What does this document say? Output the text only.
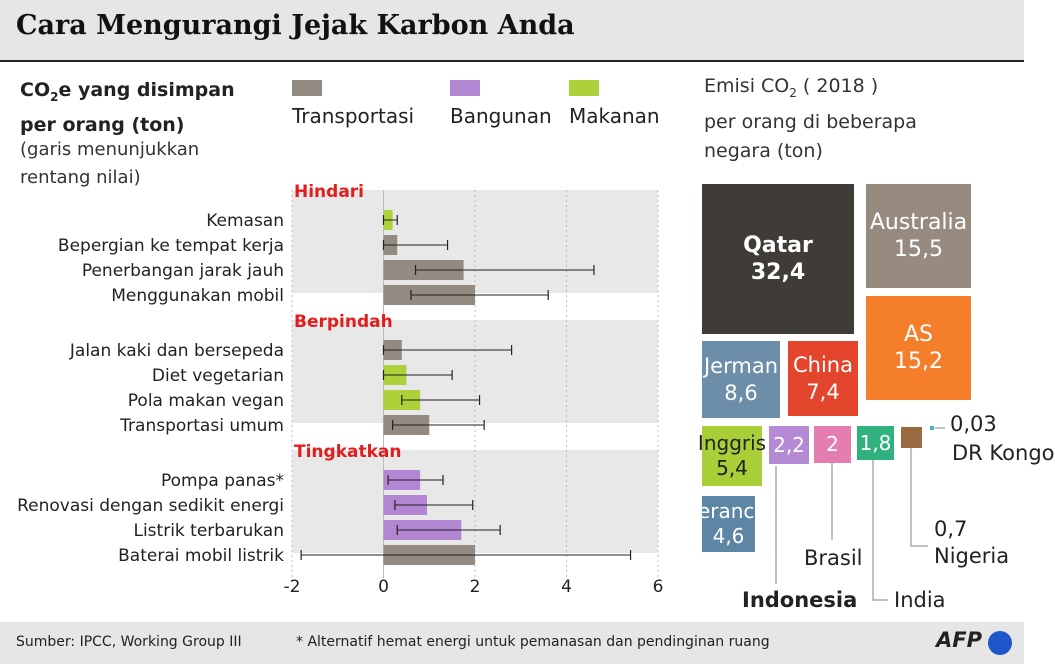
Cara Mengurangi Jejak Karbon Anda
$CO_2e$ yang disimpan
per orang (ton)
(garis menunjukkan
rentang nilai)
Transportasi Bangunan Makanan
-2	0	2	4	6
Hindari
Kemasan
Bepergian ke tempat kerja
Penerbangan jarak jauh
Menggunakan mobil
Berpindah
Jalan kaki dan bersepeda
Diet vegetarian
Pola makan vegan
Transportasi umum
Tingkatkan
Pompa panas*
Renovasi dengan sedikit energi
Listrik terbarukan
Baterai mobil listrik
Emisi $CO_2$ ( 2018 )
per orang di beberapa
negara (ton)
Qatar
32,4
Australia
15,5
AS
15,2
Jerman
8,6
China
7,4
Inggris
5,4
Perancis
4,6
2,2 2 1,8
0,03
DR Kongo
0,7
Nigeria
Brasil
India
Indonesia
Sumber: IPCC, Working Group III	* Alternatif hemat energi untuk pemanasan dan pendinginan ruang	AFP
